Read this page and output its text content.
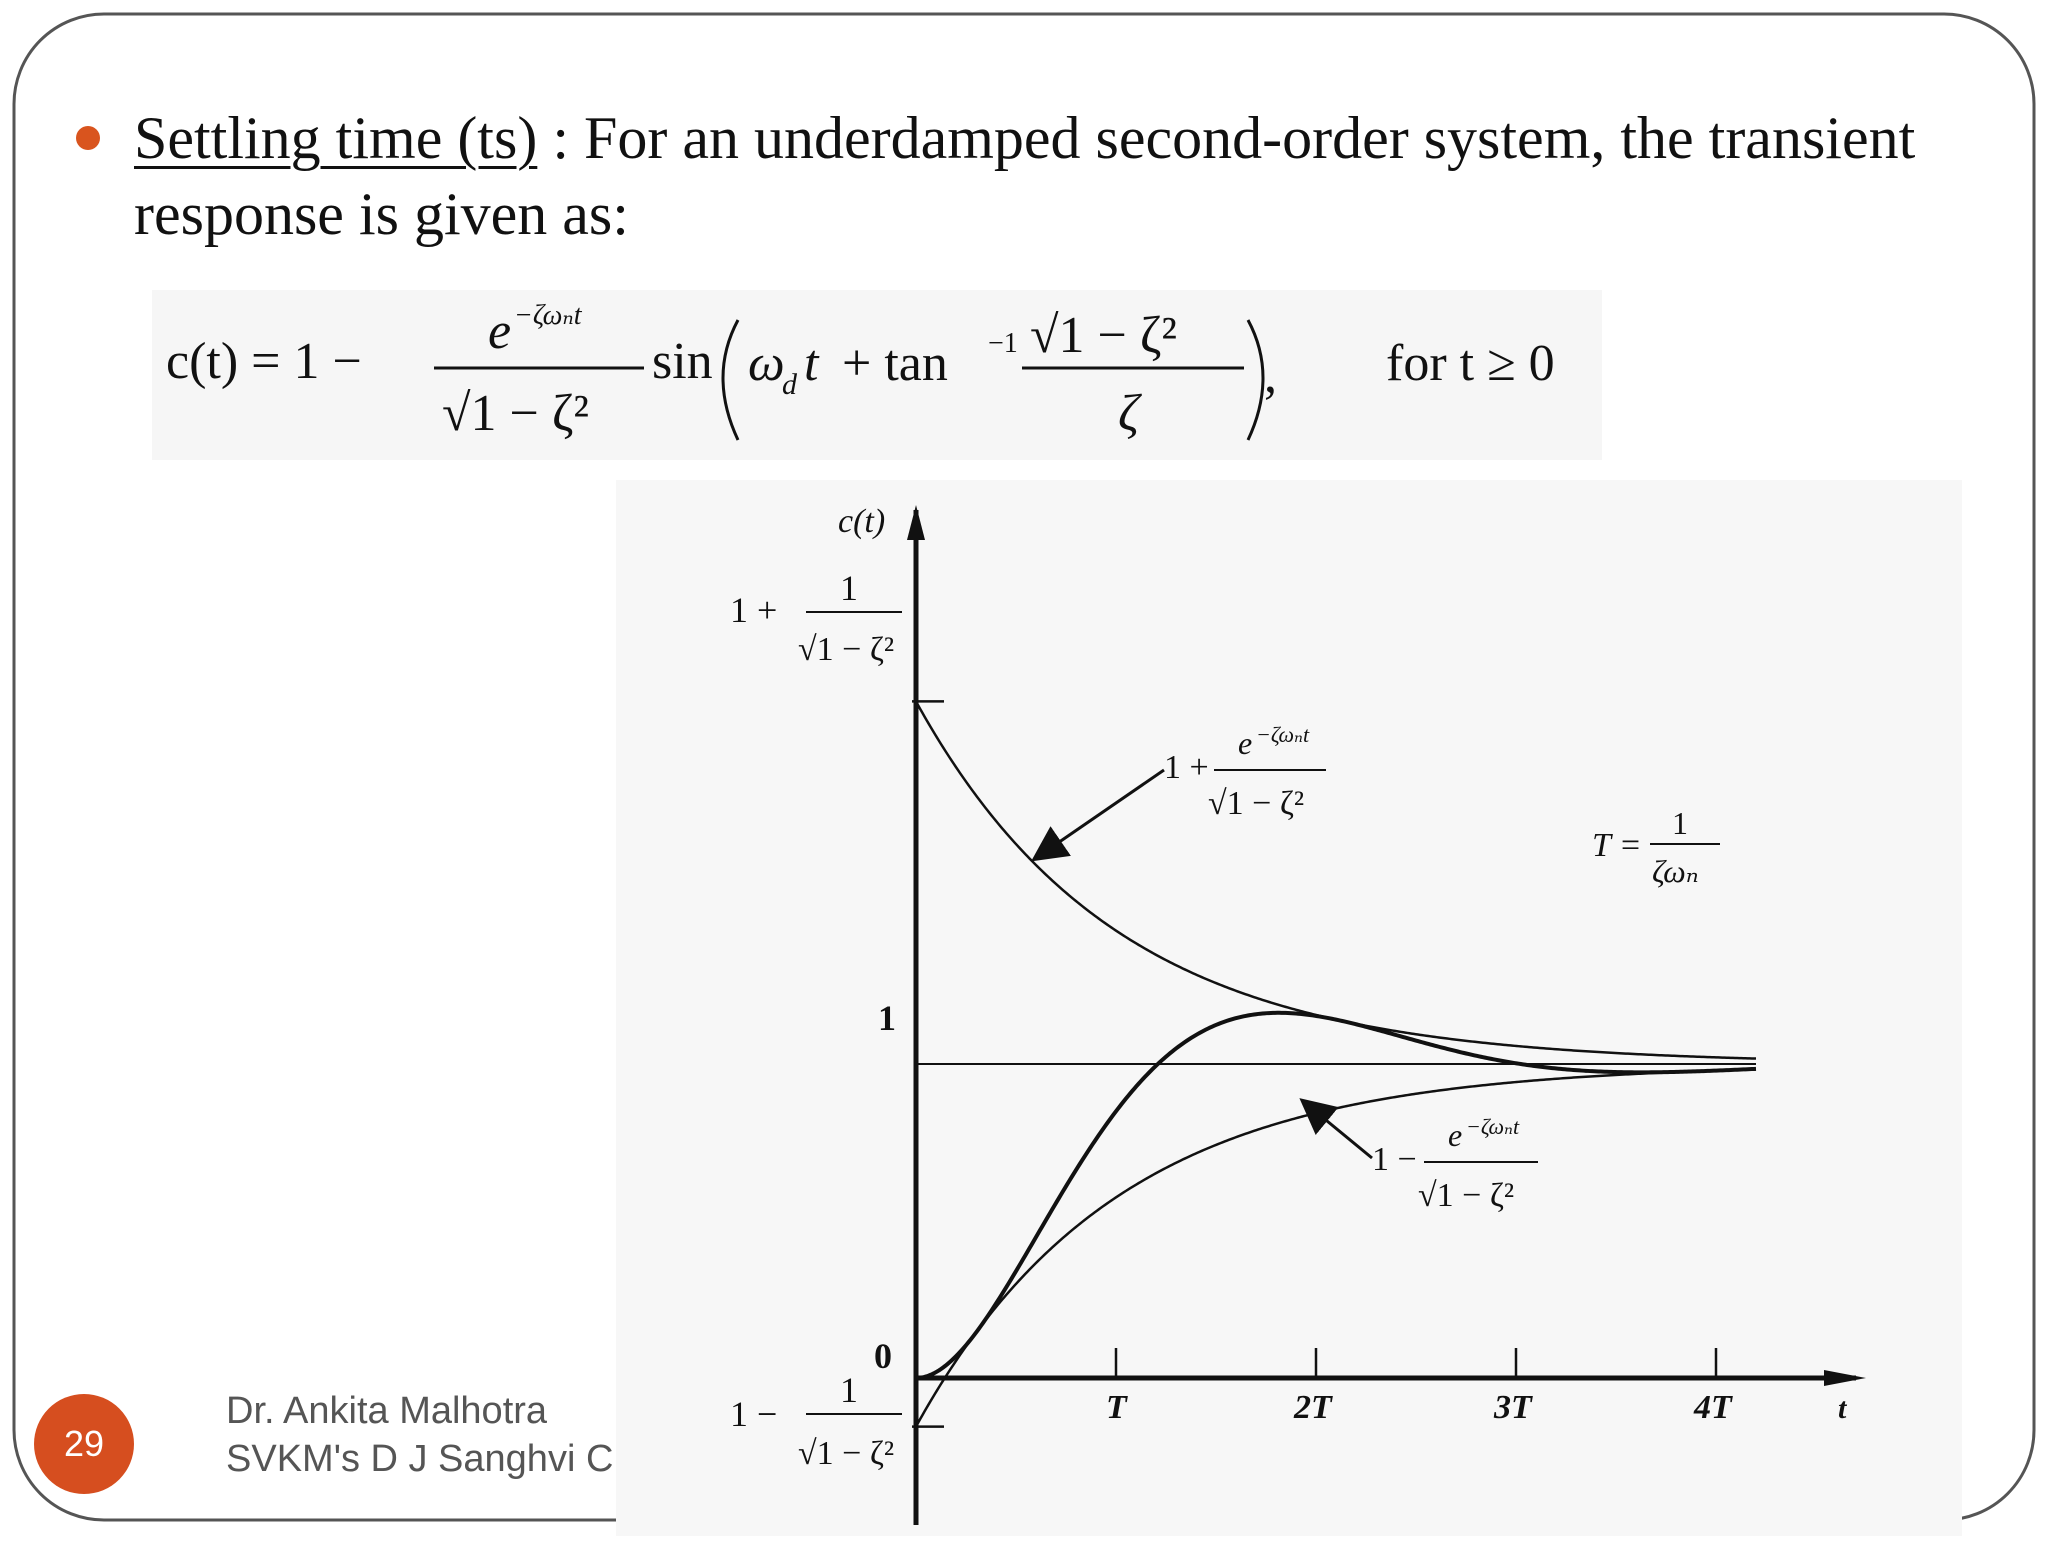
Settling time (ts) : For an underdamped second-order system, the transient response is given as:
c(t) = 1 −
e −ζωₙt
√1 − ζ²
sin ω
d t + tan −1 √1 − ζ²
ζ
, for t ≥ 0
T	2T	3T	4T
c(t)
t
0
1
1 +
1
√1 − ζ²
1 −
1
√1 − ζ²
1 +
e −ζωₙt
√1 − ζ²
1 −
e −ζωₙt
√1 − ζ²
T =
1
ζωₙ
29
Dr. Ankita Malhotra
SVKM's D J Sanghvi C
